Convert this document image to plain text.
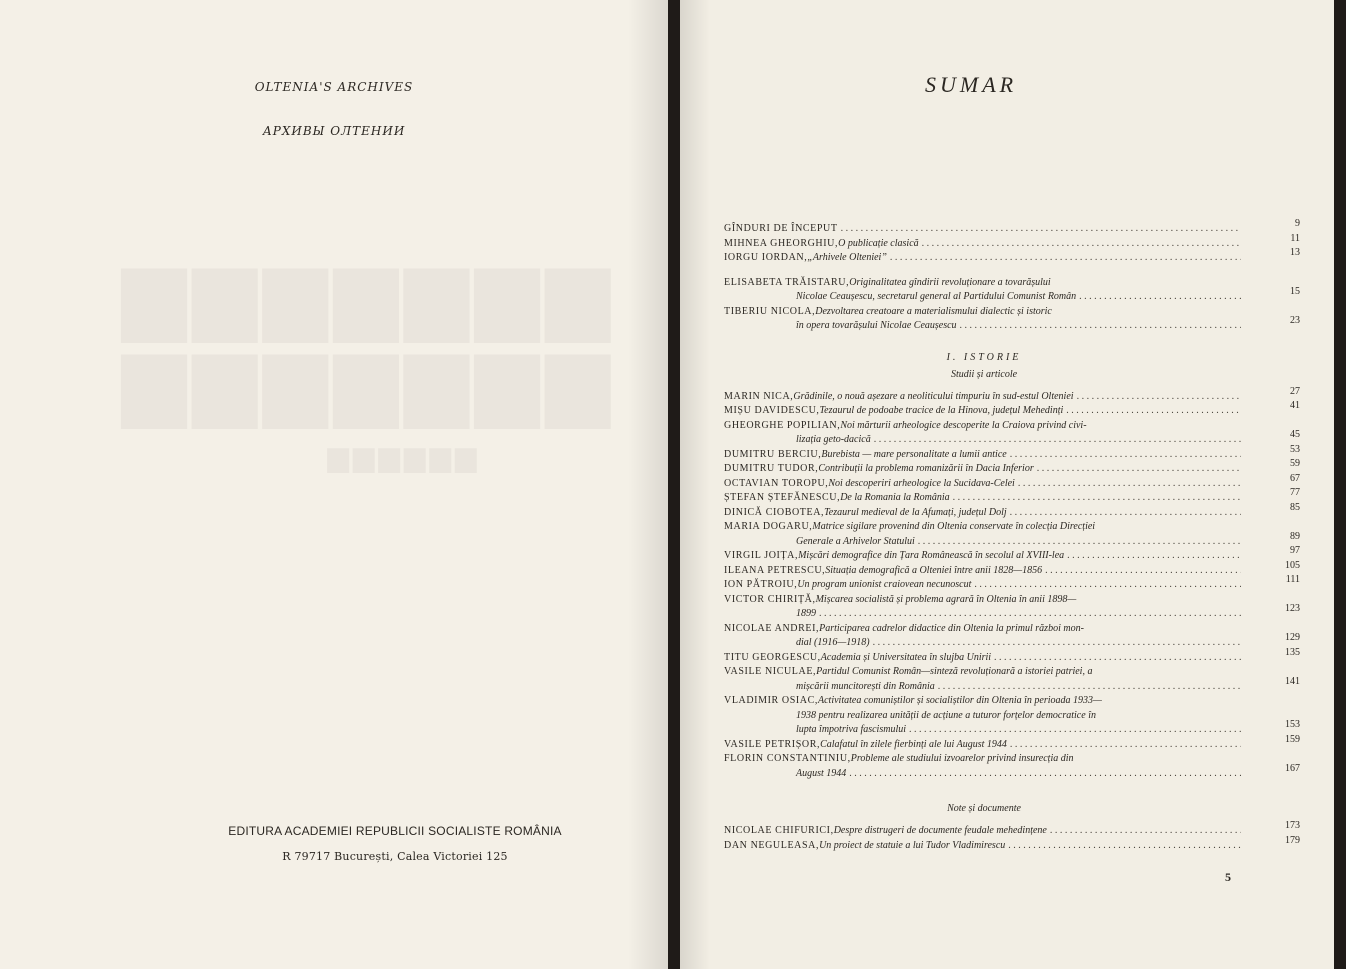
OLTENIA'S ARCHIVES
АРХИВЫ ОЛТЕНИИ
▆▆▆▆▆▆▆
▆▆▆▆▆▆▆
▆▆▆▆▆▆
EDITURA ACADEMIEI REPUBLICII SOCIALISTE ROMÂNIA
R 79717 București, Calea Victoriei 125
SUMAR
GÎNDURI DE ÎNCEPUT . . .	9
MIHNEA GHEORGHIU, O publicație clasică . . .	11
IORGU IORDAN, „Arhivele Olteniei” . . .	13
ELISABETA TRĂISTARU, Originalitatea gîndirii revoluționare a tovarășului
Nicolae Ceaușescu, secretarul general al Partidului Comunist Român . . .	15
TIBERIU NICOLA, Dezvoltarea creatoare a materialismului dialectic și istoric
în opera tovarășului Nicolae Ceaușescu . . .	23
I. ISTORIE
Studii și articole
MARIN NICA, Grădinile, o nouă așezare a neoliticului timpuriu în sud-estul Olteniei . . .	27
MIȘU DAVIDESCU, Tezaurul de podoabe tracice de la Hinova, județul Mehedinți . . .	41
GHEORGHE POPILIAN, Noi mărturii arheologice descoperite la Craiova privind civi-
lizația geto-dacică . . .	45
DUMITRU BERCIU, Burebista — mare personalitate a lumii antice . . .	53
DUMITRU TUDOR, Contribuții la problema romanizării în Dacia Inferior . . .	59
OCTAVIAN TOROPU, Noi descoperiri arheologice la Sucidava-Celei . . .	67
ȘTEFAN ȘTEFĂNESCU, De la Romania la România . . .	77
DINICĂ CIOBOTEA, Tezaurul medieval de la Afumați, județul Dolj . . .	85
MARIA DOGARU, Matrice sigilare provenind din Oltenia conservate în colecția Direcției
Generale a Arhivelor Statului . . .	89
VIRGIL JOIȚA, Mișcări demografice din Țara Românească în secolul al XVIII-lea . . .	97
ILEANA PETRESCU, Situația demografică a Olteniei între anii 1828—1856 . . .	105
ION PĂTROIU, Un program unionist craiovean necunoscut . . .	111
VICTOR CHIRIȚĂ, Mișcarea socialistă și problema agrară în Oltenia în anii 1898—
1899 . . .	123
NICOLAE ANDREI, Participarea cadrelor didactice din Oltenia la primul război mon-
dial (1916—1918) . . .	129
TITU GEORGESCU, Academia și Universitatea în slujba Unirii . . .	135
VASILE NICULAE, Partidul Comunist Român—sinteză revoluționară a istoriei patriei, a
mișcării muncitorești din România . . .	141
VLADIMIR OSIAC, Activitatea comuniștilor și socialiștilor din Oltenia în perioada 1933—
1938 pentru realizarea unității de acțiune a tuturor forțelor democratice în
lupta împotriva fascismului . . .	153
VASILE PETRIȘOR, Calafatul în zilele fierbinți ale lui August 1944 . . .	159
FLORIN CONSTANTINIU, Probleme ale studiului izvoarelor privind insurecția din
August 1944 . . .	167
Note și documente
NICOLAE CHIFURICI, Despre distrugeri de documente feudale mehedințene . . .	173
DAN NEGULEASA, Un proiect de statuie a lui Tudor Vladimirescu . . .	179
5
